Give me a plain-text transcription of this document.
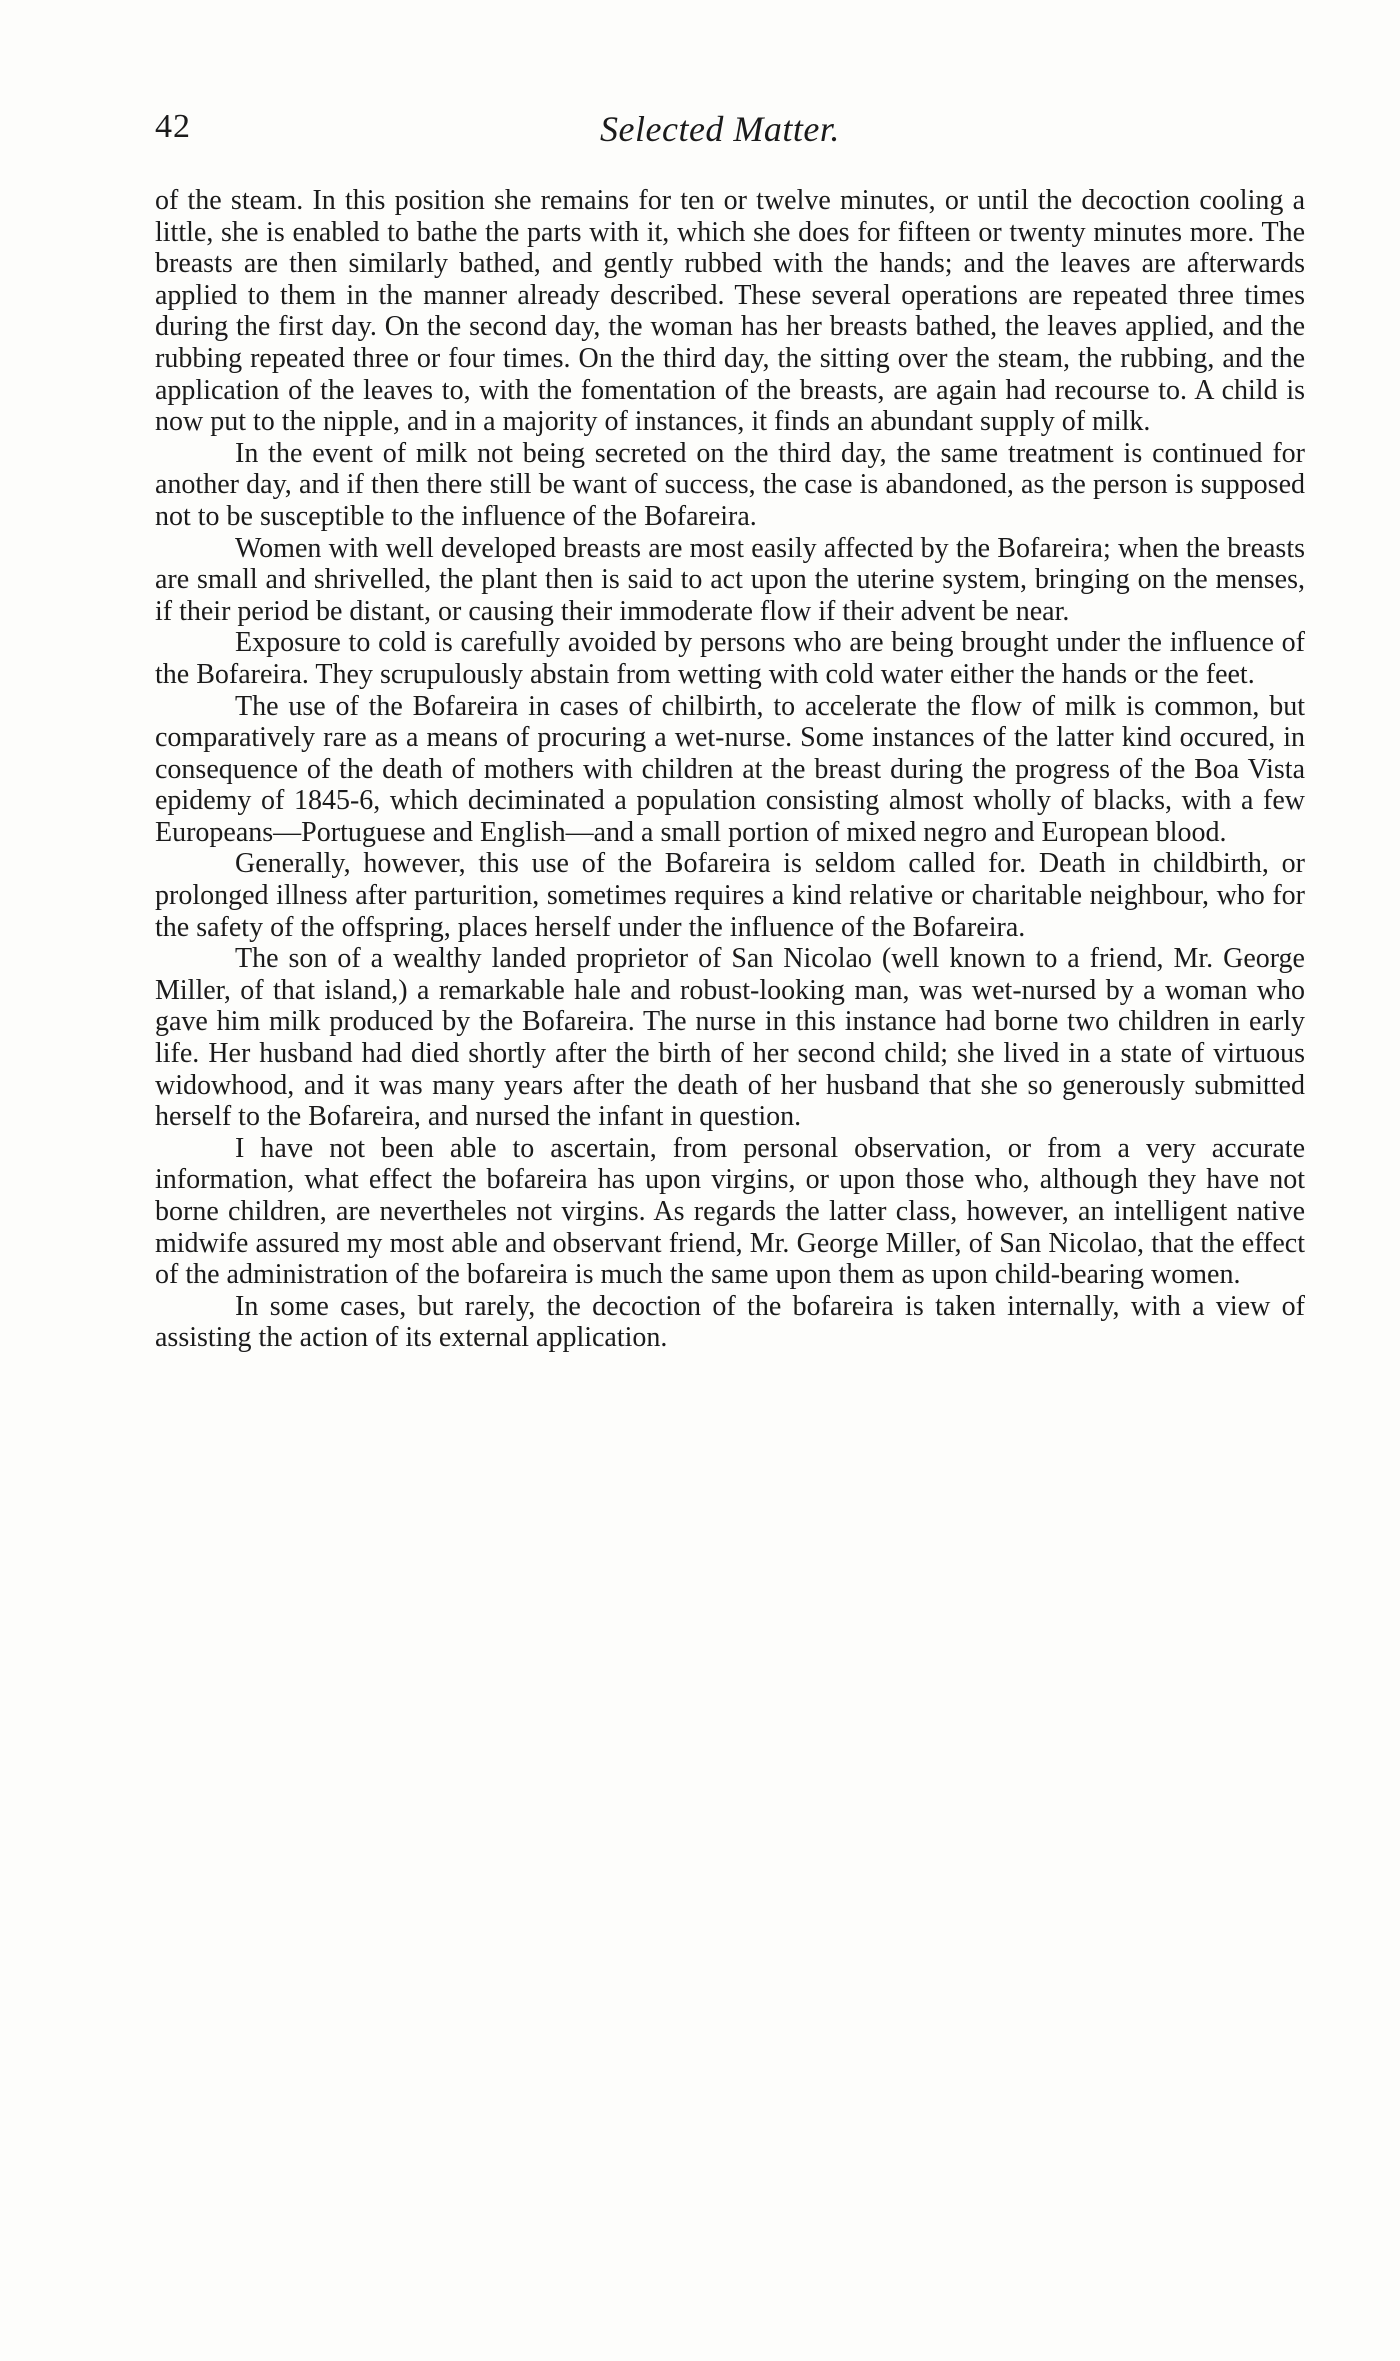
42	Selected Matter.

of the steam. In this position she remains for ten or twelve minutes, or until the decoction cooling a little, she is enabled to bathe the parts with it, which she does for fifteen or twenty minutes more. The breasts are then similarly bathed, and gently rubbed with the hands; and the leaves are afterwards applied to them in the manner already described. These several operations are repeated three times during the first day. On the second day, the woman has her breasts bathed, the leaves applied, and the rubbing repeated three or four times. On the third day, the sitting over the steam, the rubbing, and the application of the leaves to, with the fomentation of the breasts, are again had recourse to. A child is now put to the nipple, and in a majority of instances, it finds an abundant supply of milk.

In the event of milk not being secreted on the third day, the same treatment is continued for another day, and if then there still be want of success, the case is abandoned, as the person is supposed not to be susceptible to the influence of the Bofareira.

Women with well developed breasts are most easily affected by the Bofareira; when the breasts are small and shrivelled, the plant then is said to act upon the uterine system, bringing on the menses, if their period be distant, or causing their immoderate flow if their advent be near.

Exposure to cold is carefully avoided by persons who are being brought under the influence of the Bofareira. They scrupulously abstain from wetting with cold water either the hands or the feet.

The use of the Bofareira in cases of chilbirth, to accelerate the flow of milk is common, but comparatively rare as a means of procuring a wet-nurse. Some instances of the latter kind occured, in consequence of the death of mothers with children at the breast during the progress of the Boa Vista epidemy of 1845-6, which deciminated a population consisting almost wholly of blacks, with a few Europeans—Portuguese and English—and a small portion of mixed negro and European blood.

Generally, however, this use of the Bofareira is seldom called for. Death in childbirth, or prolonged illness after parturition, sometimes requires a kind relative or charitable neighbour, who for the safety of the offspring, places herself under the influence of the Bofareira.

The son of a wealthy landed proprietor of San Nicolao (well known to a friend, Mr. George Miller, of that island,) a remarkable hale and robust-looking man, was wet-nursed by a woman who gave him milk produced by the Bofareira. The nurse in this instance had borne two children in early life. Her husband had died shortly after the birth of her second child; she lived in a state of virtuous widowhood, and it was many years after the death of her husband that she so generously submitted herself to the Bofareira, and nursed the infant in question.

I have not been able to ascertain, from personal observation, or from a very accurate information, what effect the bofareira has upon virgins, or upon those who, although they have not borne children, are nevertheles not virgins. As regards the latter class, however, an intelligent native midwife assured my most able and observant friend, Mr. George Miller, of San Nicolao, that the effect of the administration of the bofareira is much the same upon them as upon child-bearing women.

In some cases, but rarely, the decoction of the bofareira is taken internally, with a view of assisting the action of its external application.
